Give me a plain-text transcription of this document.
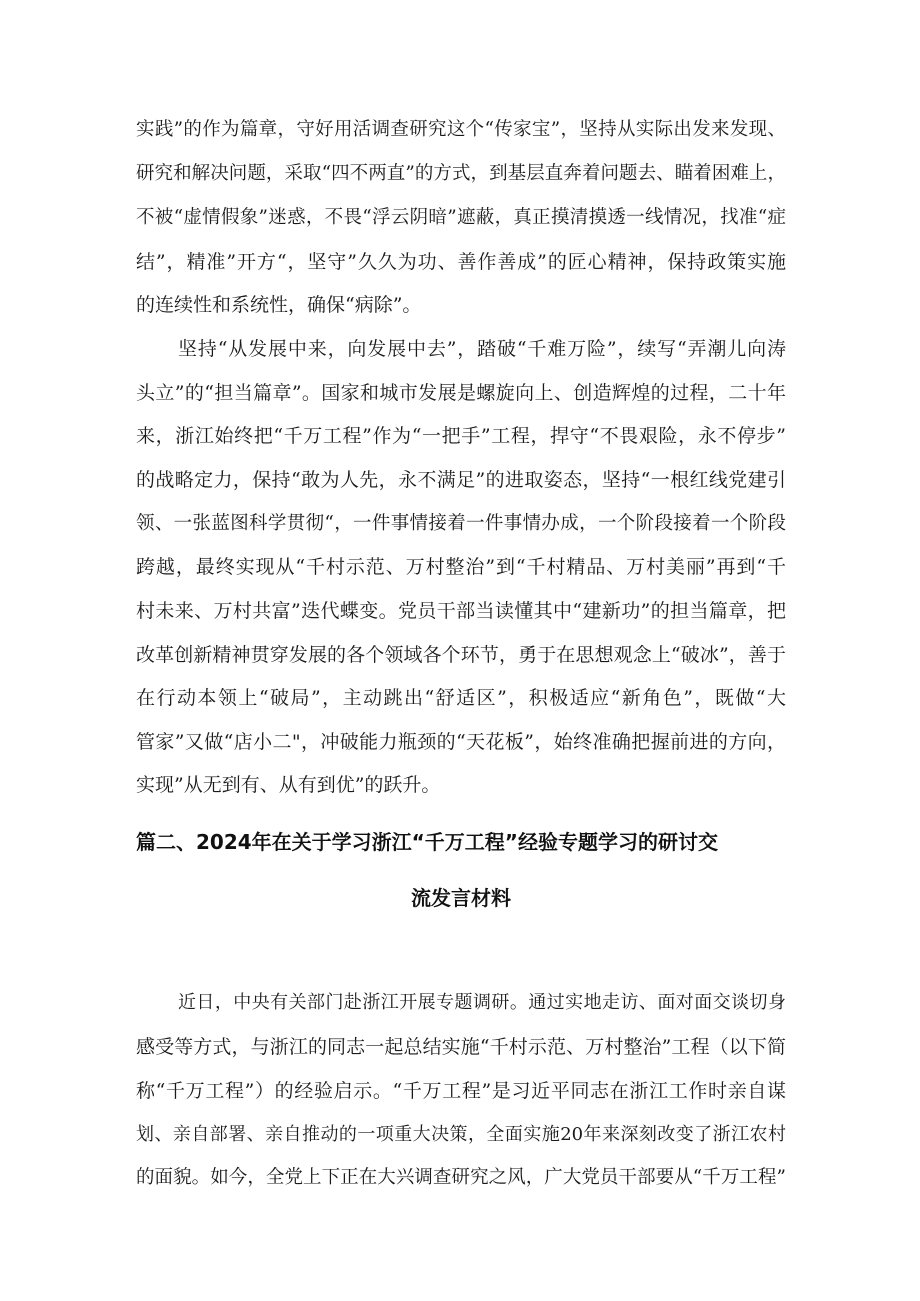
实践”的作为篇章，守好用活调查研究这个“传家宝”，坚持从实际出发来发现、
研究和解决问题，采取“四不两直”的方式，到基层直奔着问题去、瞄着困难上，
不被“虚情假象”迷惑，不畏“浮云阴暗”遮蔽，真正摸清摸透一线情况，找准“症
结”，精准”开方“，坚守”久久为功、善作善成”的匠心精神，保持政策实施
的连续性和系统性，确保“病除”。
坚持“从发展中来，向发展中去”，踏破“千难万险”，续写“弄潮儿向涛
头立”的“担当篇章”。国家和城市发展是螺旋向上、创造辉煌的过程，二十年
来，浙江始终把“千万工程”作为“一把手”工程，捍守“不畏艰险，永不停步”
的战略定力，保持“敢为人先，永不满足”的进取姿态，坚持“一根红线党建引
领、一张蓝图科学贯彻“，一件事情接着一件事情办成，一个阶段接着一个阶段
跨越，最终实现从“千村示范、万村整治”到“千村精品、万村美丽”再到“千
村未来、万村共富”迭代蝶变。党员干部当读懂其中“建新功”的担当篇章，把
改革创新精神贯穿发展的各个领域各个环节，勇于在思想观念上“破冰”，善于
在行动本领上“破局”，主动跳出“舒适区”，积极适应“新角色”，既做“大
管家”又做“店小二"，冲破能力瓶颈的“天花板”，始终准确把握前进的方向，
实现”从无到有、从有到优”的跃升。
篇二、2024年在关于学习浙江“千万工程”经验专题学习的研讨交
流发言材料
近日，中央有关部门赴浙江开展专题调研。通过实地走访、面对面交谈切身
感受等方式，与浙江的同志一起总结实施“千村示范、万村整治”工程（以下简
称“千万工程”）的经验启示。“千万工程”是习近平同志在浙江工作时亲自谋
划、亲自部署、亲自推动的一项重大决策，全面实施20年来深刻改变了浙江农村
的面貌。如今，全党上下正在大兴调查研究之风，广大党员干部要从“千万工程”
